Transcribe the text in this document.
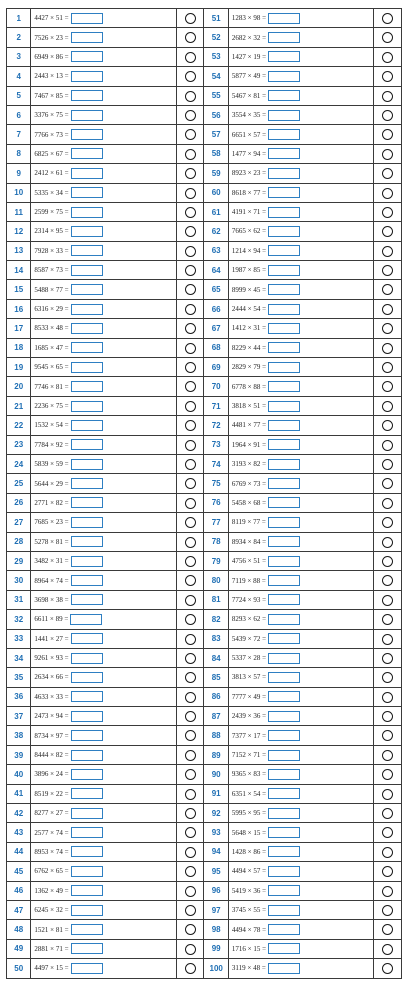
1	4427 × 51 =		51	1283 × 98 =	
2	7526 × 23 =		52	2682 × 32 =	
3	6949 × 86 =		53	1427 × 19 =	
4	2443 × 13 =		54	5877 × 49 =	
5	7467 × 85 =		55	5467 × 81 =	
6	3376 × 75 =		56	3554 × 35 =	
7	7766 × 73 =		57	6651 × 57 =	
8	6825 × 67 =		58	1477 × 94 =	
9	2412 × 61 =		59	8923 × 23 =	
10	5335 × 34 =		60	8618 × 77 =	
11	2599 × 75 =		61	4191 × 71 =	
12	2314 × 95 =		62	7665 × 62 =	
13	7928 × 33 =		63	1214 × 94 =	
14	8587 × 73 =		64	1987 × 85 =	
15	5488 × 77 =		65	8999 × 45 =	
16	6316 × 29 =		66	2444 × 54 =	
17	8533 × 48 =		67	1412 × 31 =	
18	1685 × 47 =		68	8229 × 44 =	
19	9545 × 65 =		69	2829 × 79 =	
20	7746 × 81 =		70	6778 × 88 =	
21	2236 × 75 =		71	3818 × 51 =	
22	1532 × 54 =		72	4481 × 77 =	
23	7784 × 92 =		73	1964 × 91 =	
24	5839 × 59 =		74	3193 × 82 =	
25	5644 × 29 =		75	6769 × 73 =	
26	2771 × 82 =		76	5458 × 68 =	
27	7685 × 23 =		77	8119 × 77 =	
28	5278 × 81 =		78	8934 × 84 =	
29	3482 × 31 =		79	4756 × 51 =	
30	8964 × 74 =		80	7119 × 88 =	
31	3698 × 38 =		81	7724 × 93 =	
32	6611 × 89 =		82	8293 × 62 =	
33	1441 × 27 =		83	5439 × 72 =	
34	9261 × 93 =		84	5337 × 28 =	
35	2634 × 66 =		85	3813 × 57 =	
36	4633 × 33 =		86	7777 × 49 =	
37	2473 × 94 =		87	2439 × 36 =	
38	8734 × 97 =		88	7377 × 17 =	
39	8444 × 82 =		89	7152 × 71 =	
40	3896 × 24 =		90	9365 × 83 =	
41	8519 × 22 =		91	6351 × 54 =	
42	8277 × 27 =		92	5995 × 95 =	
43	2577 × 74 =		93	5648 × 15 =	
44	8953 × 74 =		94	1428 × 86 =	
45	6762 × 65 =		95	4494 × 57 =	
46	1362 × 49 =		96	5419 × 36 =	
47	6245 × 32 =		97	3745 × 55 =	
48	1521 × 81 =		98	4494 × 78 =	
49	2881 × 71 =		99	1716 × 15 =	
50	4497 × 15 =		100	3119 × 48 =	
